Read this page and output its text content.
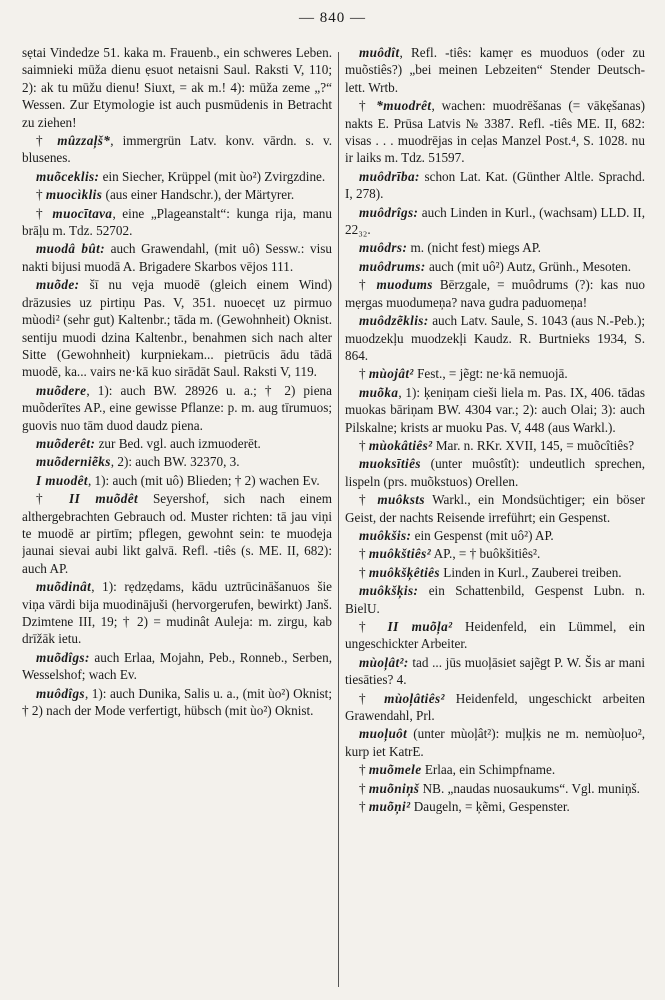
— 840 —

sẹtai Vindedze 51. kaka m. Frauenb., ein schweres Leben. saimnieki mūža dienu ẹsuot netaisni Saul. Raksti V, 110; 2): ak tu mūžu dienu! Siuxt, = ak m.! 4): mūža zeme „?“ Wessen. Zur Etymologie ist auch pusmūdenis in Betracht zu ziehen!

† mûzzaļš*, immergrün Latv. konv. vārdn. s. v. blusenes.

muõceklis: ein Siecher, Krüppel (mit ùo²) Zvirgzdine.

† muocìklis (aus einer Handschr.), der Märtyrer.

† muocītava, eine „Plageanstalt“: kunga rija, manu brāļu m. Tdz. 52702.

muodâ bût: auch Grawendahl, (mit uô) Sessw.: visu nakti bijusi muodā A. Brigadere Skarbos vējos 111.

muõde: šī nu vẹja muodē (gleich einem Wind) drāzusies uz pirtiņu Pas. V, 351. nuoecẹt uz pirmuo mùodi² (sehr gut) Kaltenbr.; tāda m. (Gewohnheit) Oknist. sentiju muodi dzina Kaltenbr., benahmen sich nach alter Sitte (Gewohnheit) kurpniekam... pietrūcis ādu tādā muodē, ka... vairs ne·kā kuo sirādāt Saul. Raksti V, 119.

muõdere, 1): auch BW. 28926 u. a.; † 2) piena muõderītes AP., eine gewisse Pflanze: p. m. aug tīrumuos; guovis nuo tām duod daudz piena.

muõderêt: zur Bed. vgl. auch izmuoderēt.

muõderniẽks, 2): auch BW. 32370, 3.

I muodêt, 1): auch (mit uô) Blieden; † 2) wachen Ev.

† II muõdêt Seyershof, sich nach einem althergebrachten Gebrauch od. Muster richten: tā jau viņi te muodē ar pirtīm; pflegen, gewohnt sein: te muodẹja jaunai sievai aubi likt galvā. Refl. -tiês (s. ME. II, 682): auch AP.

muõdinât, 1): rẹdzẹdams, kādu uztrūcināšanuos šie viņa vārdi bija muodinājuši (hervorgerufen, bewirkt) Janš. Dzimtene III, 19; † 2) = mudinât Auleja: m. zirgu, kab drīžāk ietu.

muõdîgs: auch Erlaa, Mojahn, Peb., Ronneb., Serben, Wesselshof; wach Ev.

muôdîgs, 1): auch Dunika, Salis u. a., (mit ùo²) Oknist; † 2) nach der Mode verfertigt, hübsch (mit ùo²) Oknist.

muôdît, Refl. -tiês: kamẹr es muoduos (oder zu muõstiês?) „bei meinen Lebzeiten“ Stender Deutsch-lett. Wrtb.

† *muodrêt, wachen: muodrēšanas (= vākẹšanas) nakts E. Prūsa Latvis № 3387. Refl. -tiês ME. II, 682: visas . . . muodrējas in ceļas Manzel Post.⁴, S. 1028. nu ir laiks m. Tdz. 51597.

muôdrība: schon Lat. Kat. (Günther Altle. Sprachd. I, 278).

muôdrîgs: auch Linden in Kurl., (wachsam) LLD. II, 22₃₂.

muôdrs: m. (nicht fest) miegs AP.

muôdrums: auch (mit uô²) Autz, Grünh., Mesoten.

† muodums Bērzgale, = muôdrums (?): kas nuo mẹrgas muodumeņa? nava gudra paduomeņa!

muôdzẽklis: auch Latv. Saule, S. 1043 (aus N.-Peb.); muodzekļu muodzekļi Kaudz. R. Burtnieks 1934, S. 864.

† mùojât² Fest., = jẽgt: ne·kā nemuojā.

muõka, 1): ķeniņam cieši liela m. Pas. IX, 406. tādas muokas bāriņam BW. 4304 var.; 2): auch Olai; 3): auch Pilskalne; krists ar muoku Pas. V, 448 (aus Warkl.).

† mùokâtiês² Mar. n. RKr. XVII, 145, = muõcîtiês?

muoksītiês (unter muôstît): undeutlich sprechen, lispeln (prs. muõkstuos) Orellen.

† muôksts Warkl., ein Mondsüchtiger; ein böser Geist, der nachts Reisende irreführt; ein Gespenst.

muôkšis: ein Gespenst (mit uô²) AP.

† muôkštiês² AP., = † buôkšitiês².

† muôkšķêtiês Linden in Kurl., Zauberei treiben.

muôkšķis: ein Schattenbild, Gespenst Lubn. n. BielU.

† II muõļa² Heidenfeld, ein Lümmel, ein ungeschickter Arbeiter.

mùoļât²: tad ... jūs muoļāsiet sajẽgt P. W. Šis ar mani tiesāties? 4.

† mùoļâtiês² Heidenfeld, ungeschickt arbeiten Grawendahl, Prl.

muoļuôt (unter mùoļât²): muļķis ne m. nemùoļuo², kurp iet KatrE.

† muõmele Erlaa, ein Schimpfname.

† muõniņš NB. „naudas nuosaukums“. Vgl. muniņš.

† muõņi² Daugeln, = ķẽmi, Gespenster.
